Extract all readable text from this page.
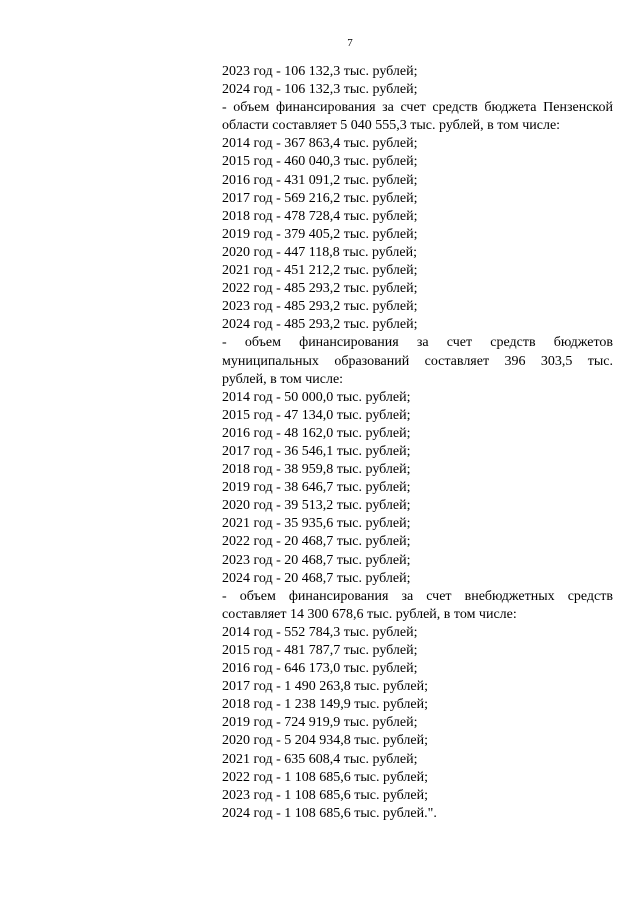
7
2023 год - 106 132,3 тыс. рублей;
2024 год - 106 132,3 тыс. рублей;
- объем финансирования за счет средств бюджета Пензенской
области составляет 5 040 555,3 тыс. рублей, в том числе:
2014 год - 367 863,4 тыс. рублей;
2015 год - 460 040,3 тыс. рублей;
2016 год - 431 091,2 тыс. рублей;
2017 год - 569 216,2 тыс. рублей;
2018 год - 478 728,4 тыс. рублей;
2019 год - 379 405,2 тыс. рублей;
2020 год - 447 118,8 тыс. рублей;
2021 год - 451 212,2 тыс. рублей;
2022 год - 485 293,2 тыс. рублей;
2023 год - 485 293,2 тыс. рублей;
2024 год - 485 293,2 тыс. рублей;
- объем финансирования за счет средств бюджетов
муниципальных образований составляет 396 303,5 тыс.
рублей, в том числе:
2014 год - 50 000,0 тыс. рублей;
2015 год - 47 134,0 тыс. рублей;
2016 год - 48 162,0 тыс. рублей;
2017 год - 36 546,1 тыс. рублей;
2018 год - 38 959,8 тыс. рублей;
2019 год - 38 646,7 тыс. рублей;
2020 год - 39 513,2 тыс. рублей;
2021 год - 35 935,6 тыс. рублей;
2022 год - 20 468,7 тыс. рублей;
2023 год - 20 468,7 тыс. рублей;
2024 год - 20 468,7 тыс. рублей;
- объем финансирования за счет внебюджетных средств
составляет 14 300 678,6 тыс. рублей, в том числе:
2014 год - 552 784,3 тыс. рублей;
2015 год - 481 787,7 тыс. рублей;
2016 год - 646 173,0 тыс. рублей;
2017 год - 1 490 263,8 тыс. рублей;
2018 год - 1 238 149,9 тыс. рублей;
2019 год - 724 919,9 тыс. рублей;
2020 год - 5 204 934,8 тыс. рублей;
2021 год - 635 608,4 тыс. рублей;
2022 год - 1 108 685,6 тыс. рублей;
2023 год - 1 108 685,6 тыс. рублей;
2024 год - 1 108 685,6 тыс. рублей.".
